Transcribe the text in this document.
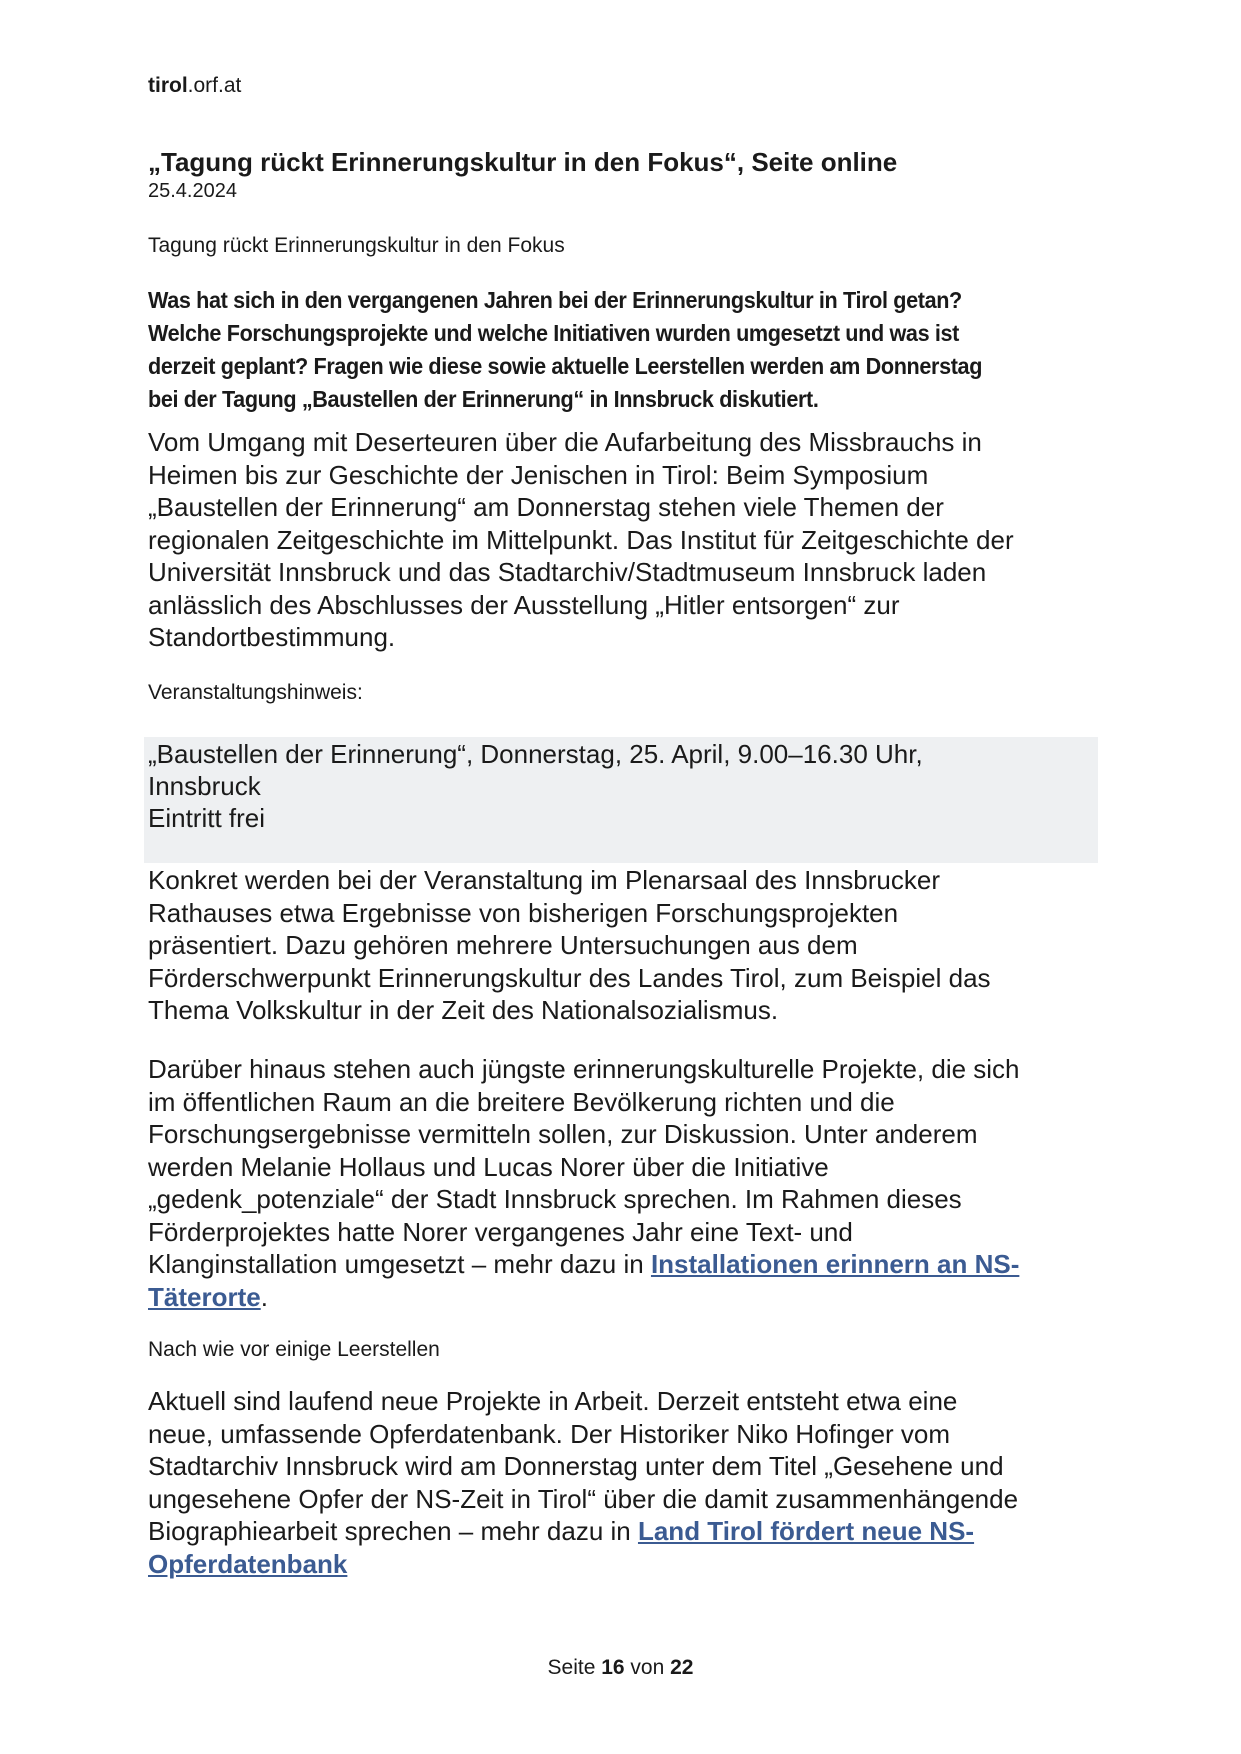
tirol.orf.at
„Tagung rückt Erinnerungskultur in den Fokus“, Seite online
25.4.2024
Tagung rückt Erinnerungskultur in den Fokus
Was hat sich in den vergangenen Jahren bei der Erinnerungskultur in Tirol getan?
Welche Forschungsprojekte und welche Initiativen wurden umgesetzt und was ist
derzeit geplant? Fragen wie diese sowie aktuelle Leerstellen werden am Donnerstag
bei der Tagung „Baustellen der Erinnerung“ in Innsbruck diskutiert.
Vom Umgang mit Deserteuren über die Aufarbeitung des Missbrauchs in
Heimen bis zur Geschichte der Jenischen in Tirol: Beim Symposium
„Baustellen der Erinnerung“ am Donnerstag stehen viele Themen der
regionalen Zeitgeschichte im Mittelpunkt. Das Institut für Zeitgeschichte der
Universität Innsbruck und das Stadtarchiv/Stadtmuseum Innsbruck laden
anlässlich des Abschlusses der Ausstellung „Hitler entsorgen“ zur
Standortbestimmung.
Veranstaltungshinweis:
„Baustellen der Erinnerung“, Donnerstag, 25. April, 9.00–16.30 Uhr,
Innsbruck
Eintritt frei
Konkret werden bei der Veranstaltung im Plenarsaal des Innsbrucker
Rathauses etwa Ergebnisse von bisherigen Forschungsprojekten
präsentiert. Dazu gehören mehrere Untersuchungen aus dem
Förderschwerpunkt Erinnerungskultur des Landes Tirol, zum Beispiel das
Thema Volkskultur in der Zeit des Nationalsozialismus.
Darüber hinaus stehen auch jüngste erinnerungskulturelle Projekte, die sich
im öffentlichen Raum an die breitere Bevölkerung richten und die
Forschungsergebnisse vermitteln sollen, zur Diskussion. Unter anderem
werden Melanie Hollaus und Lucas Norer über die Initiative
„gedenk_potenziale“ der Stadt Innsbruck sprechen. Im Rahmen dieses
Förderprojektes hatte Norer vergangenes Jahr eine Text- und
Klanginstallation umgesetzt – mehr dazu in Installationen erinnern an NS-
Täterorte.
Nach wie vor einige Leerstellen
Aktuell sind laufend neue Projekte in Arbeit. Derzeit entsteht etwa eine
neue, umfassende Opferdatenbank. Der Historiker Niko Hofinger vom
Stadtarchiv Innsbruck wird am Donnerstag unter dem Titel „Gesehene und
ungesehene Opfer der NS-Zeit in Tirol“ über die damit zusammenhängende
Biographiearbeit sprechen – mehr dazu in Land Tirol fördert neue NS-
Opferdatenbank
Seite 16 von 22
